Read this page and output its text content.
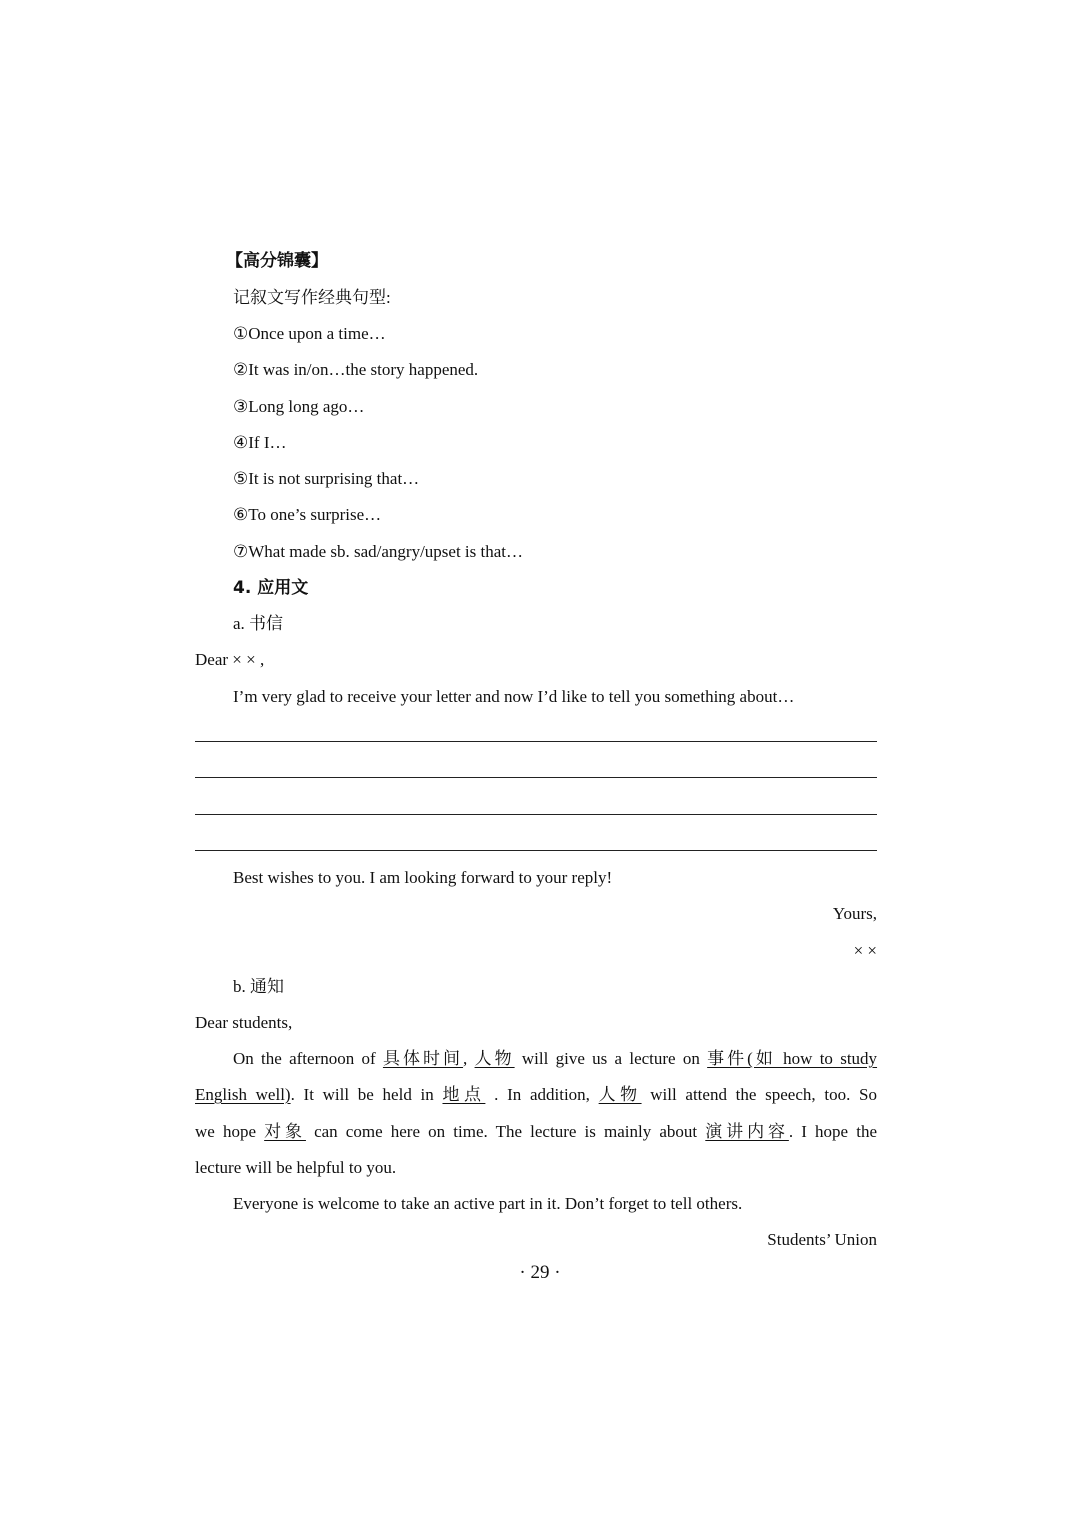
【高分锦囊】
记叙文写作经典句型:
①Once upon a time…
②It was in/on…the story happened.
③Long long ago…
④If I…
⑤It is not surprising that…
⑥To one’s surprise…
⑦What made sb. sad/angry/upset is that…
4. 应用文
a. 书信
Dear × × ,
I’m very glad to receive your letter and now I’d like to tell you something about…
Best wishes to you. I am looking forward to your reply!
Yours,
× ×
b. 通知
Dear students,
On the afternoon of 具体时间, 人物 will give us a lecture on 事件(如 how to study
English well). It will be held in 地点 . In addition, 人物 will attend the speech, too. So
we hope 对象 can come here on time. The lecture is mainly about 演讲内容. I hope the
lecture will be helpful to you.
Everyone is welcome to take an active part in it. Don’t forget to tell others.
Students’ Union
· 29 ·
